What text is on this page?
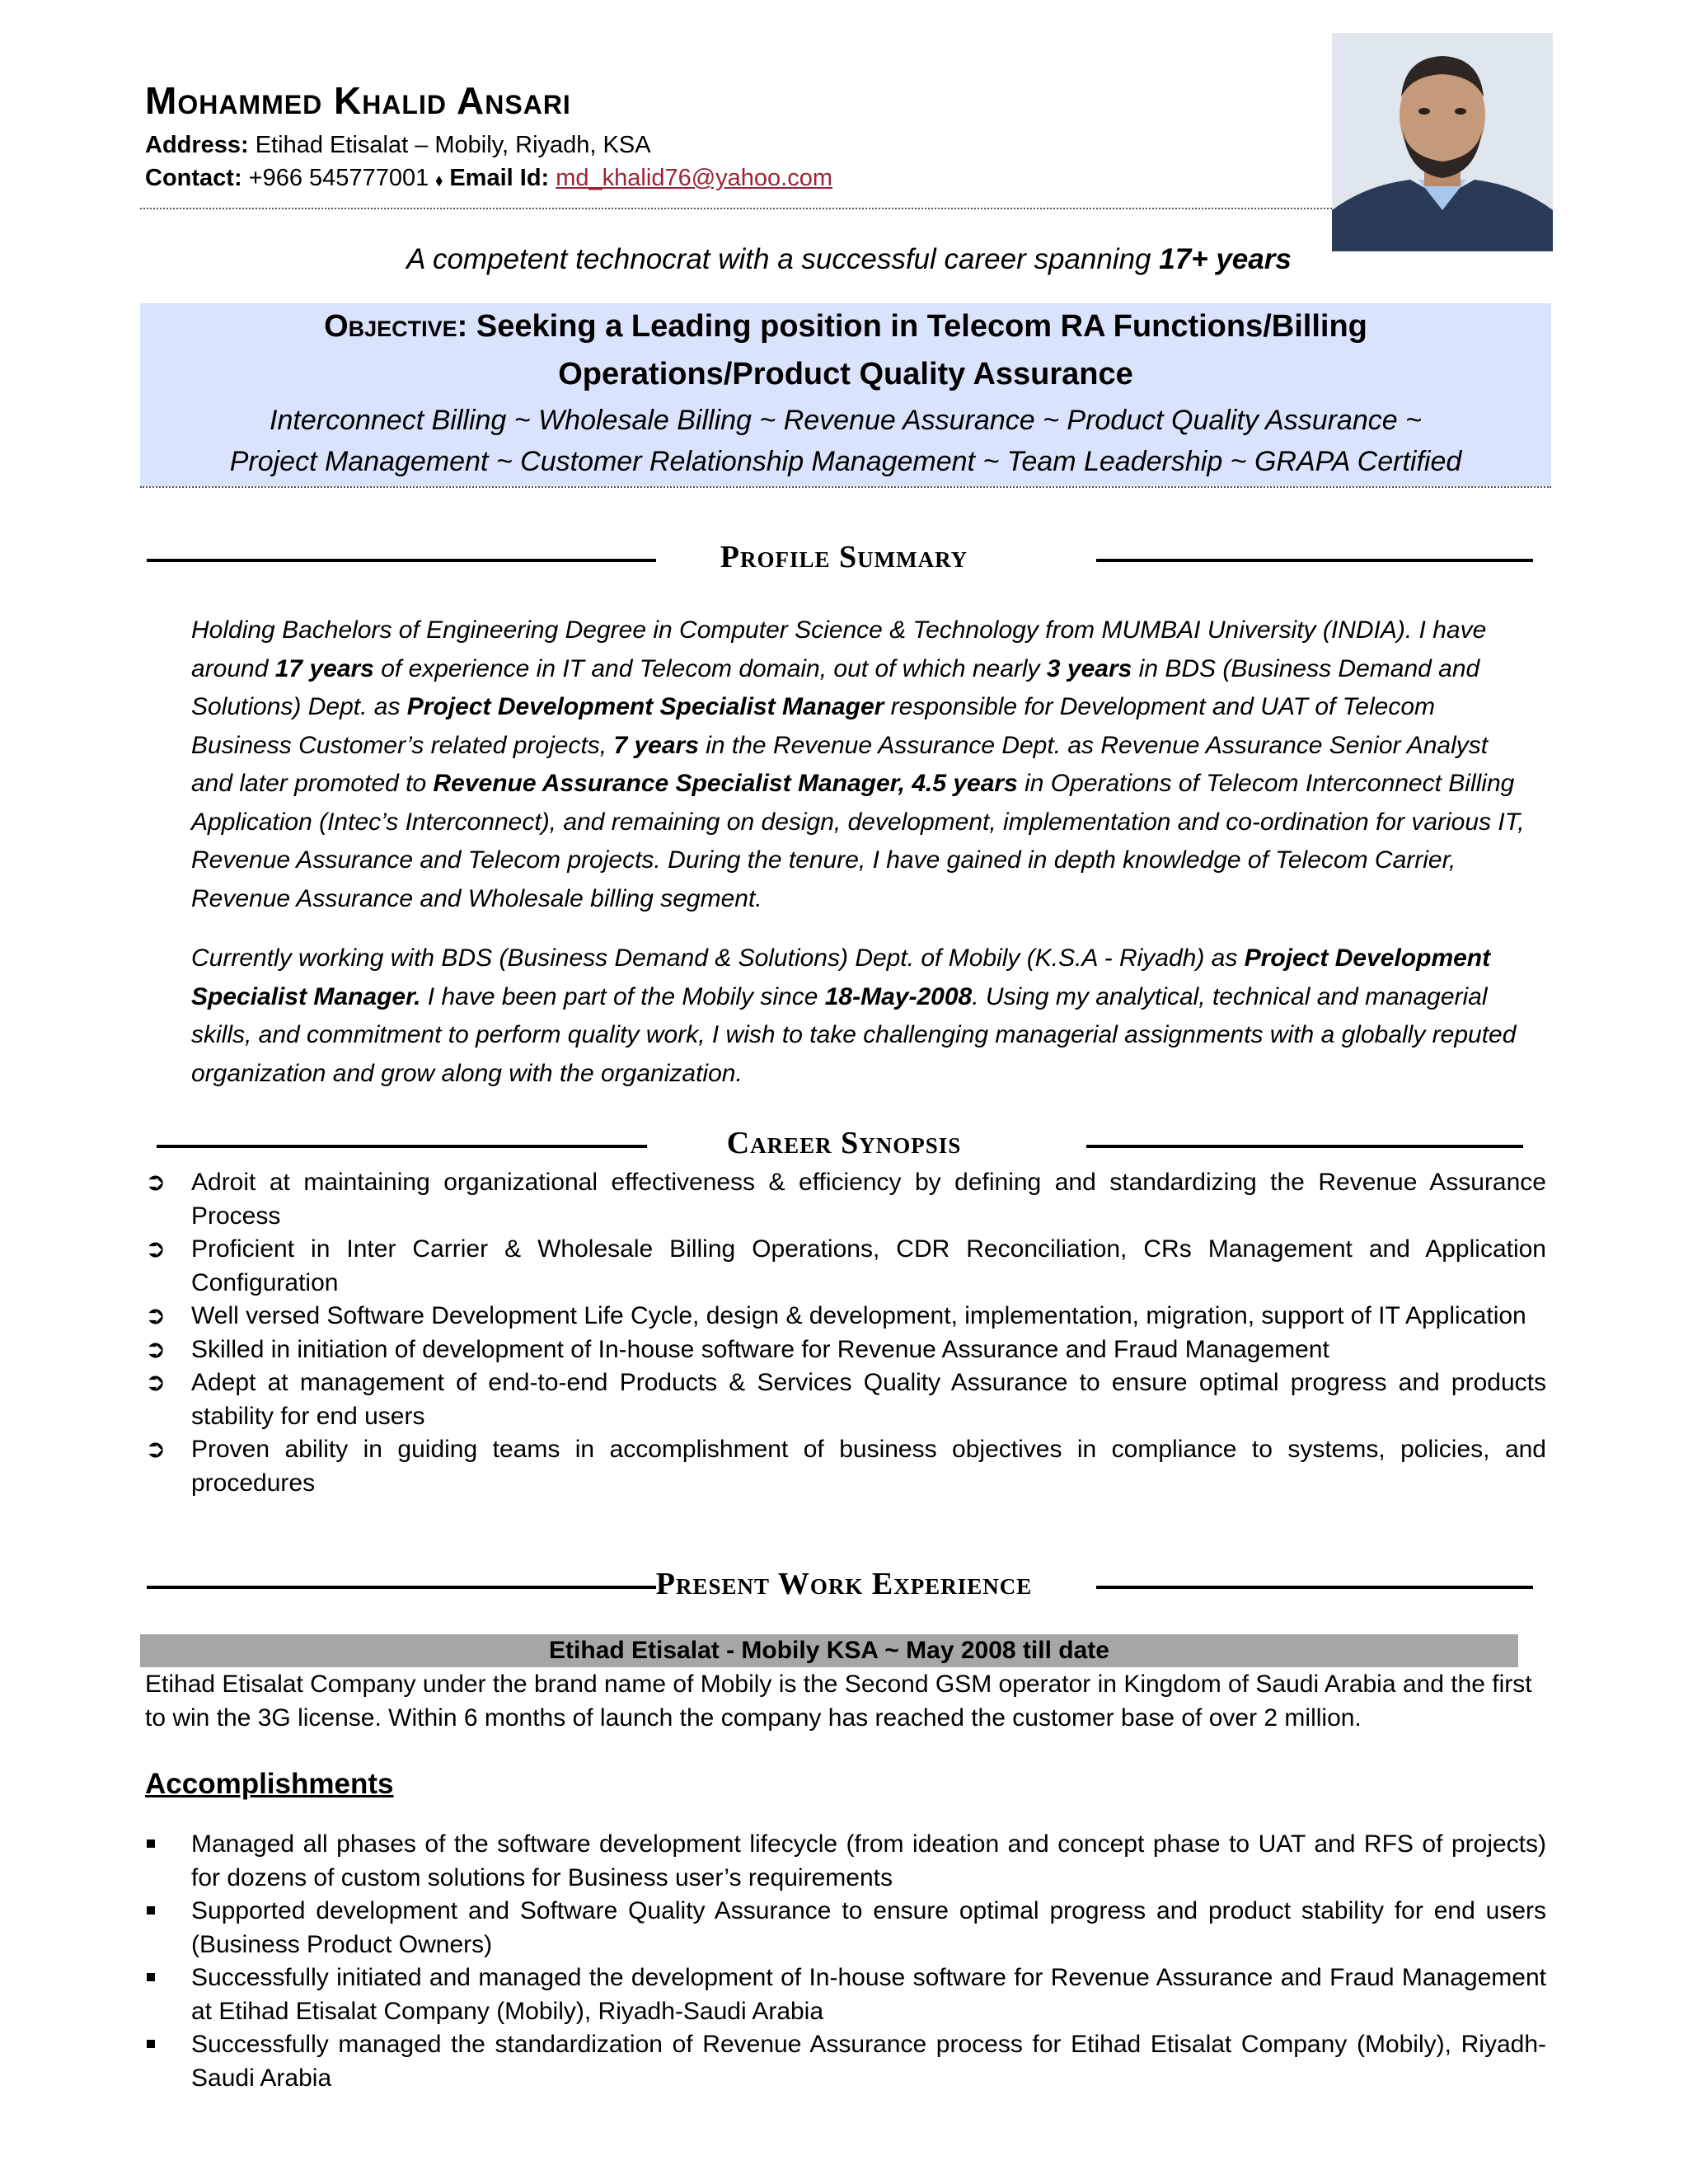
Mohammed Khalid Ansari
Address: Etihad Etisalat – Mobily, Riyadh, KSA
Contact: +966 545777001 ⬧ Email Id: md_khalid76@yahoo.com
A competent technocrat with a successful career spanning 17+ years
Objective: Seeking a Leading position in Telecom RA Functions/Billing
Operations/Product Quality Assurance
Interconnect Billing ~ Wholesale Billing ~ Revenue Assurance ~ Product Quality Assurance ~
Project Management ~ Customer Relationship Management ~ Team Leadership ~ GRAPA Certified
Profile Summary

Holding Bachelors of Engineering Degree in Computer Science & Technology from MUMBAI University (INDIA). I have around 17 years of experience in IT and Telecom domain, out of which nearly 3 years in BDS (Business Demand and Solutions) Dept. as Project Development Specialist Manager responsible for Development and UAT of Telecom Business Customer’s related projects, 7 years in the Revenue Assurance Dept. as Revenue Assurance Senior Analyst and later promoted to Revenue Assurance Specialist Manager, 4.5 years in Operations of Telecom Interconnect Billing Application (Intec’s Interconnect), and remaining on design, development, implementation and co-ordination for various IT, Revenue Assurance and Telecom projects. During the tenure, I have gained in depth knowledge of Telecom Carrier, Revenue Assurance and Wholesale billing segment.

Currently working with BDS (Business Demand & Solutions) Dept. of Mobily (K.S.A - Riyadh) as Project Development Specialist Manager. I have been part of the Mobily since 18-May-2008. Using my analytical, technical and managerial skills, and commitment to perform quality work, I wish to take challenging managerial assignments with a globally reputed organization and grow along with the organization.

Career Synopsis
➲ Adroit at maintaining organizational effectiveness & efficiency by defining and standardizing the Revenue Assurance Process
➲ Proficient in Inter Carrier & Wholesale Billing Operations, CDR Reconciliation, CRs Management and Application Configuration
➲ Well versed Software Development Life Cycle, design & development, implementation, migration, support of IT Application
➲ Skilled in initiation of development of In-house software for Revenue Assurance and Fraud Management
➲ Adept at management of end-to-end Products & Services Quality Assurance to ensure optimal progress and products stability for end users
➲ Proven ability in guiding teams in accomplishment of business objectives in compliance to systems, policies, and procedures
Present Work Experience
Etihad Etisalat - Mobily KSA ~ May 2008 till date
Etihad Etisalat Company under the brand name of Mobily is the Second GSM operator in Kingdom of Saudi Arabia and the first to win the 3G license. Within 6 months of launch the company has reached the customer base of over 2 million.
Accomplishments
Managed all phases of the software development lifecycle (from ideation and concept phase to UAT and RFS of projects) for dozens of custom solutions for Business user’s requirements
Supported development and Software Quality Assurance to ensure optimal progress and product stability for end users (Business Product Owners)
Successfully initiated and managed the development of In-house software for Revenue Assurance and Fraud Management at Etihad Etisalat Company (Mobily), Riyadh-Saudi Arabia
Successfully managed the standardization of Revenue Assurance process for Etihad Etisalat Company (Mobily), Riyadh-Saudi Arabia
